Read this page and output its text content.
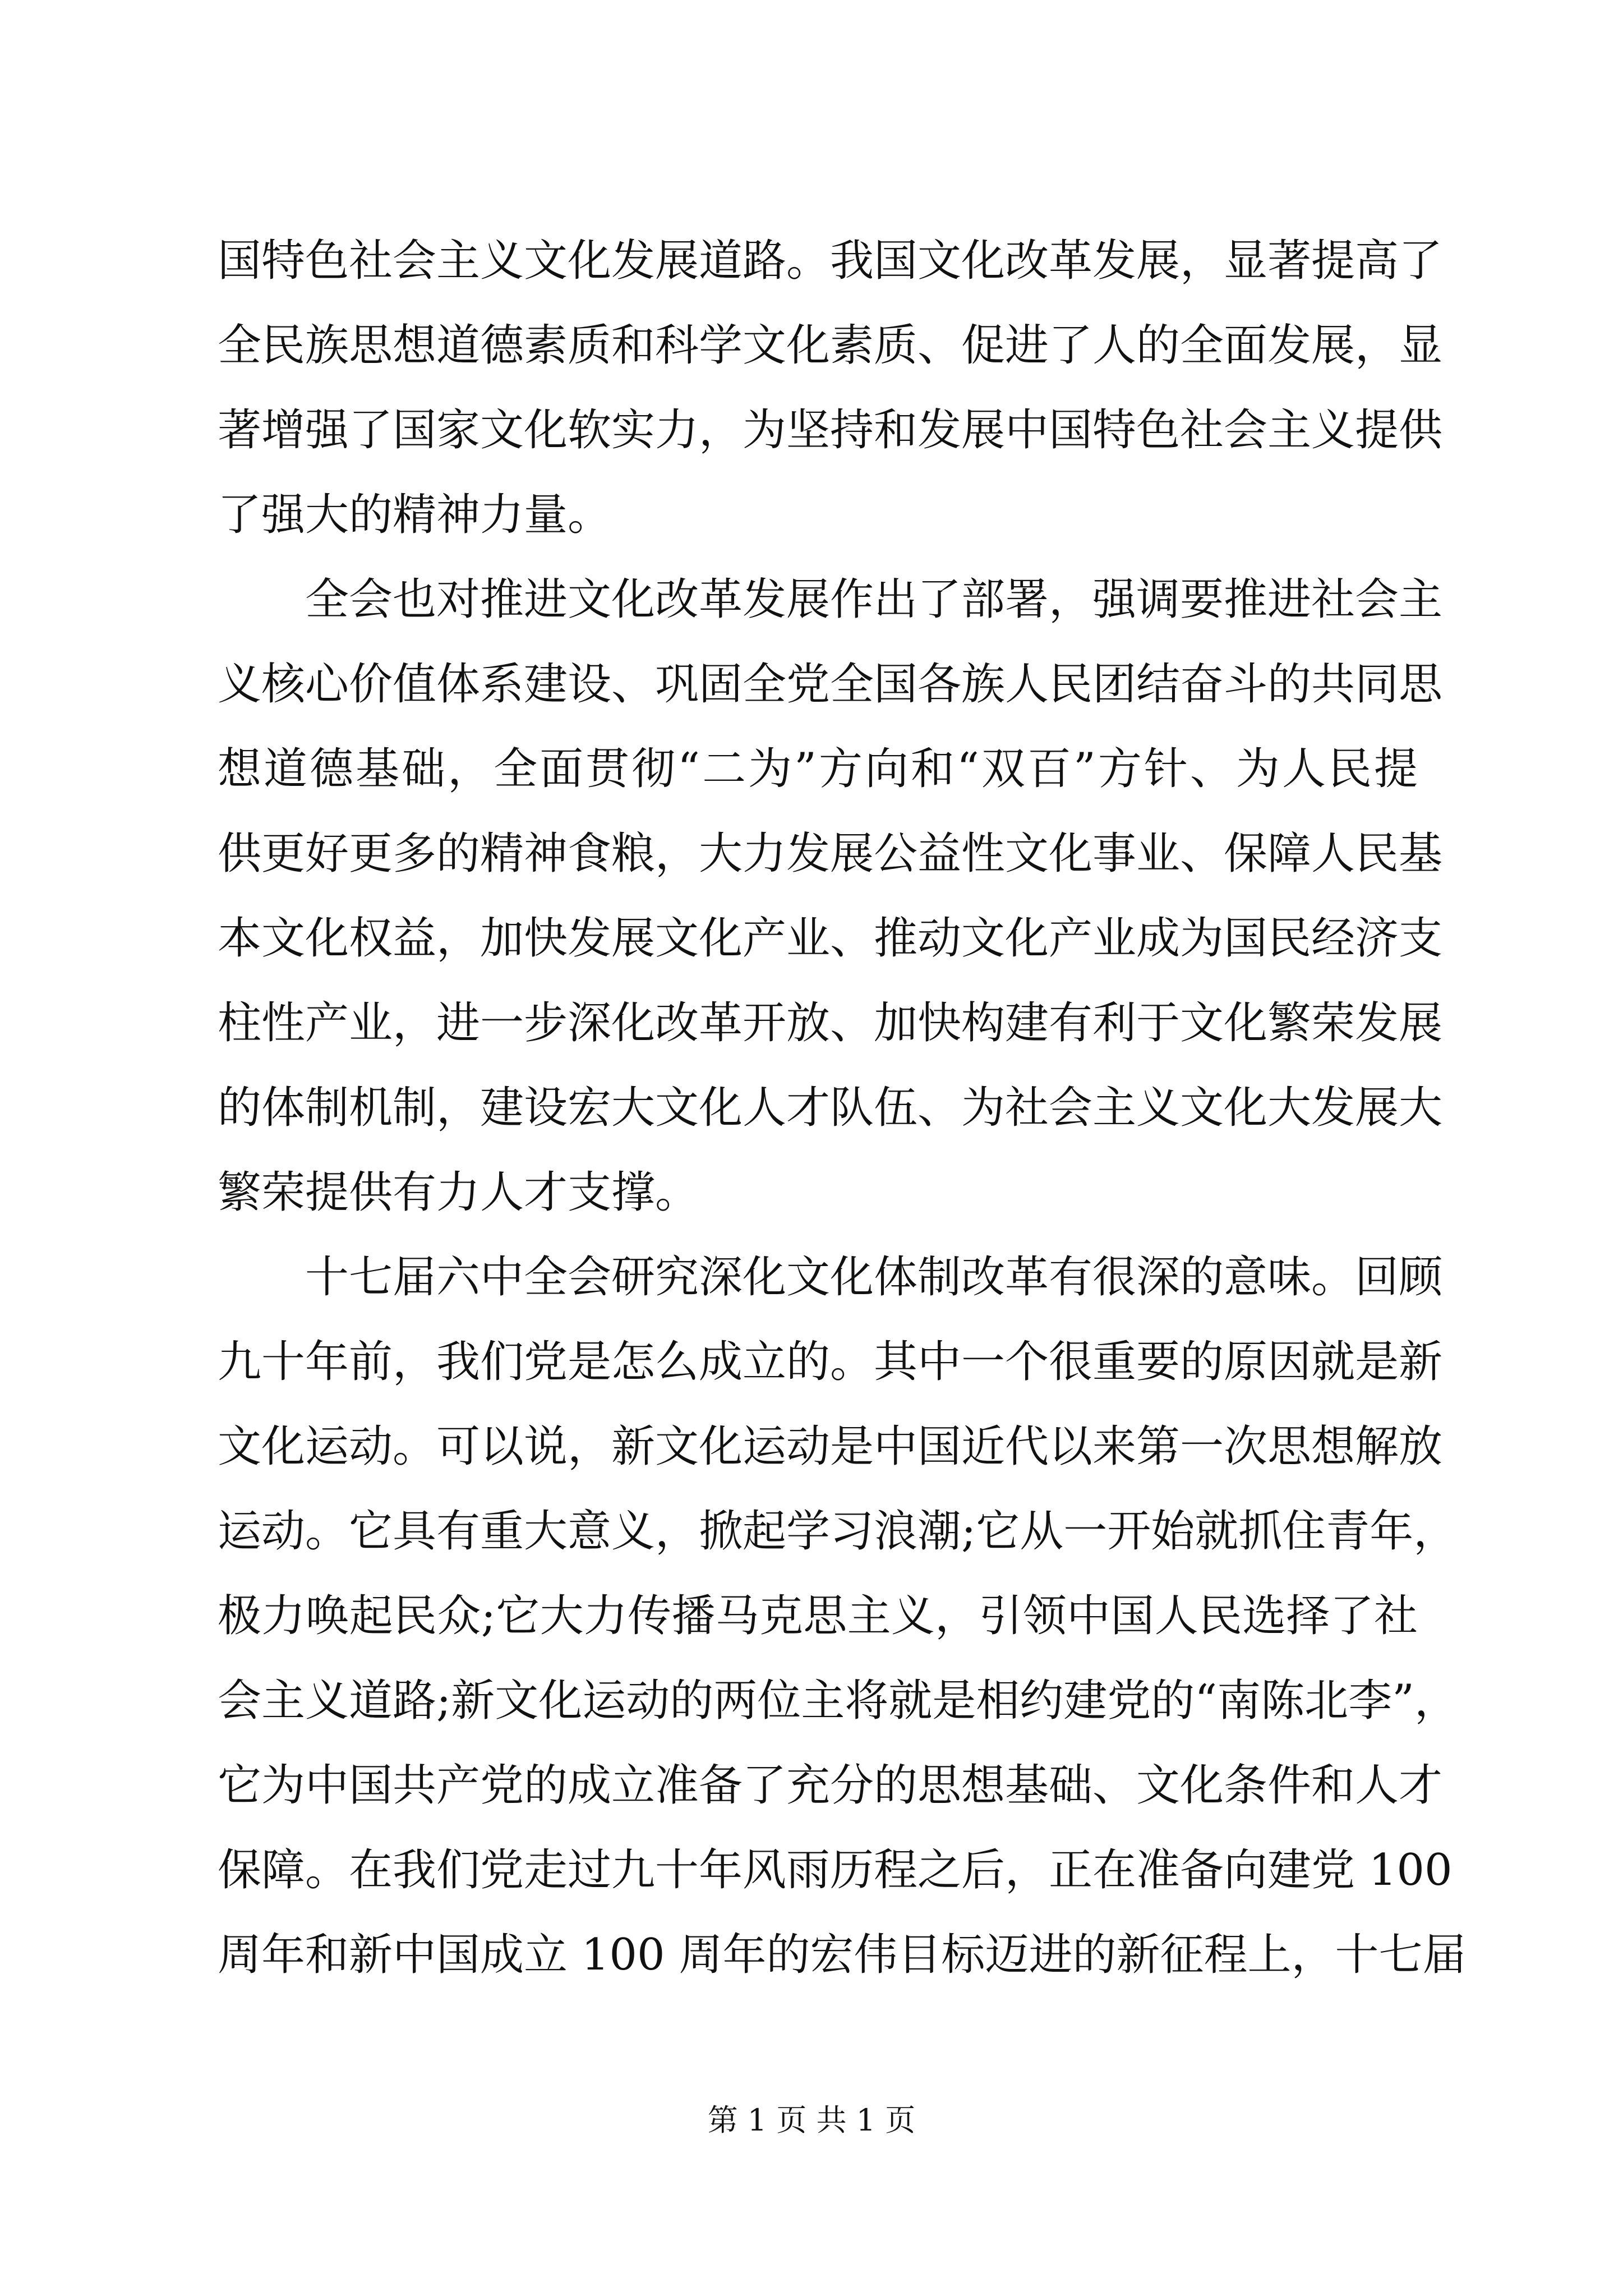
国特色社会主义文化发展道路。我国文化改革发展，显著提高了
全民族思想道德素质和科学文化素质、促进了人的全面发展，显
著增强了国家文化软实力，为坚持和发展中国特色社会主义提供
了强大的精神力量。
全会也对推进文化改革发展作出了部署，强调要推进社会主
义核心价值体系建设、巩固全党全国各族人民团结奋斗的共同思
想道德基础，全面贯彻“二为”方向和“双百”方针、为人民提
供更好更多的精神食粮，大力发展公益性文化事业、保障人民基
本文化权益，加快发展文化产业、推动文化产业成为国民经济支
柱性产业，进一步深化改革开放、加快构建有利于文化繁荣发展
的体制机制，建设宏大文化人才队伍、为社会主义文化大发展大
繁荣提供有力人才支撑。
十七届六中全会研究深化文化体制改革有很深的意味。回顾
九十年前，我们党是怎么成立的。其中一个很重要的原因就是新
文化运动。可以说，新文化运动是中国近代以来第一次思想解放
运动。它具有重大意义，掀起学习浪潮;它从一开始就抓住青年，
极力唤起民众;它大力传播马克思主义，引领中国人民选择了社
会主义道路;新文化运动的两位主将就是相约建党的“南陈北李”，
它为中国共产党的成立准备了充分的思想基础、文化条件和人才
保障。在我们党走过九十年风雨历程之后，正在准备向建党 100
周年和新中国成立 100 周年的宏伟目标迈进的新征程上，十七届
第 1 页 共 1 页
